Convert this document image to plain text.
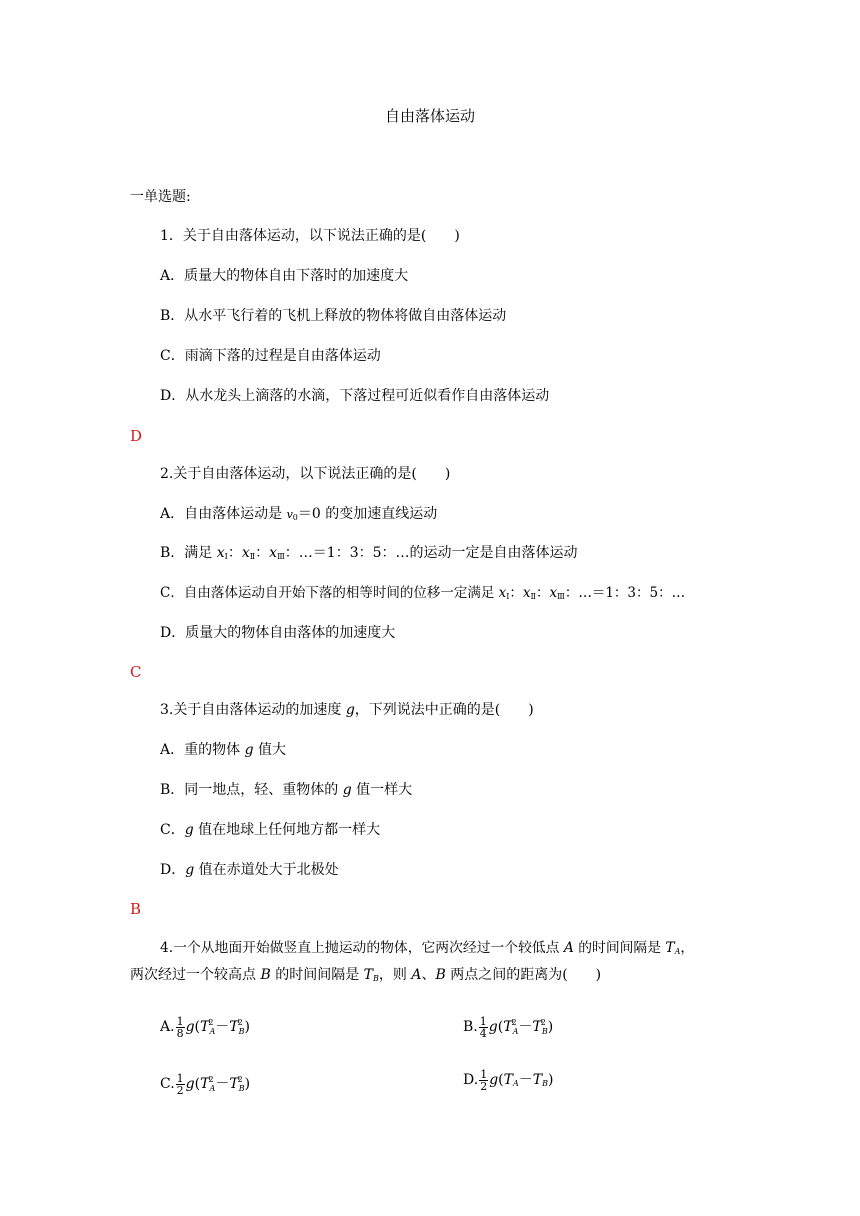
自由落体运动
一单选题:
1．关于自由落体运动，以下说法正确的是(　　)
A．质量大的物体自由下落时的加速度大
B．从水平飞行着的飞机上释放的物体将做自由落体运动
C．雨滴下落的过程是自由落体运动
D．从水龙头上滴落的水滴，下落过程可近似看作自由落体运动
D
2.关于自由落体运动，以下说法正确的是(　　)
A．自由落体运动是 $v_0=0$ 的变加速直线运动
B．满足 $x_Ⅰ$：$x_Ⅱ$：$x_Ⅲ$：…＝1：3：5：…的运动一定是自由落体运动
C．自由落体运动自开始下落的相等时间的位移一定满足 $x_Ⅰ$：$x_Ⅱ$：$x_Ⅲ$：…＝1：3：5：…
D．质量大的物体自由落体的加速度大
C
3.关于自由落体运动的加速度 g，下列说法中正确的是(　　)
A．重的物体 g 值大
B．同一地点，轻、重物体的 g 值一样大
C．g 值在地球上任何地方都一样大
D．g 值在赤道处大于北极处
B
4.一个从地面开始做竖直上抛运动的物体，它两次经过一个较低点 A 的时间间隔是 $T_A$，
两次经过一个较高点 B 的时间间隔是 $T_B$，则 A、B 两点之间的距离为(　　)
A. $\frac{1}{8} g(T^2_A-T^2_B)$	B. $\frac{1}{4} g(T^2_A-T^2_B)$
C. $\frac{1}{2} g(T^2_A-T^2_B)$	D. $\frac{1}{2} g(T_A-T_B)$
